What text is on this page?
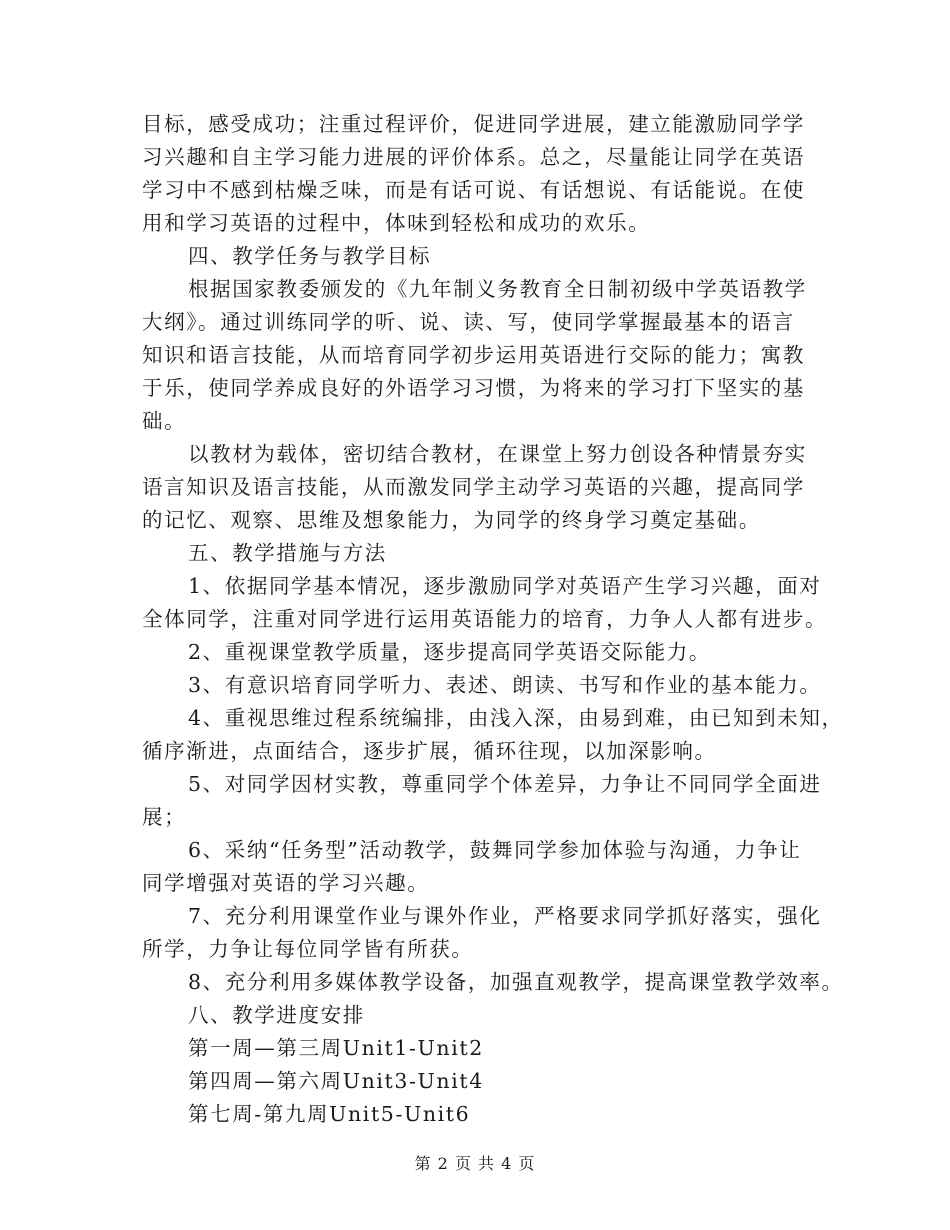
目标，感受成功；注重过程评价，促进同学进展，建立能激励同学学
习兴趣和自主学习能力进展的评价体系。总之，尽量能让同学在英语
学习中不感到枯燥乏味，而是有话可说、有话想说、有话能说。在使
用和学习英语的过程中，体味到轻松和成功的欢乐。
四、教学任务与教学目标
根据国家教委颁发的《九年制义务教育全日制初级中学英语教学
大纲》。通过训练同学的听、说、读、写，使同学掌握最基本的语言
知识和语言技能，从而培育同学初步运用英语进行交际的能力；寓教
于乐，使同学养成良好的外语学习习惯，为将来的学习打下坚实的基
础。
以教材为载体，密切结合教材，在课堂上努力创设各种情景夯实
语言知识及语言技能，从而激发同学主动学习英语的兴趣，提高同学
的记忆、观察、思维及想象能力，为同学的终身学习奠定基础。
五、教学措施与方法
1、依据同学基本情况，逐步激励同学对英语产生学习兴趣，面对
全体同学，注重对同学进行运用英语能力的培育，力争人人都有进步。
2、重视课堂教学质量，逐步提高同学英语交际能力。
3、有意识培育同学听力、表述、朗读、书写和作业的基本能力。
4、重视思维过程系统编排，由浅入深，由易到难，由已知到未知，
循序渐进，点面结合，逐步扩展，循环往现，以加深影响。
5、对同学因材实教，尊重同学个体差异，力争让不同同学全面进
展；
6、采纳“任务型”活动教学，鼓舞同学参加体验与沟通，力争让
同学增强对英语的学习兴趣。
7、充分利用课堂作业与课外作业，严格要求同学抓好落实，强化
所学，力争让每位同学皆有所获。
8、充分利用多媒体教学设备，加强直观教学，提高课堂教学效率。
八、教学进度安排
第一周—第三周Unit1-Unit2
第四周—第六周Unit3-Unit4
第七周-第九周Unit5-Unit6
第 2 页 共 4 页
